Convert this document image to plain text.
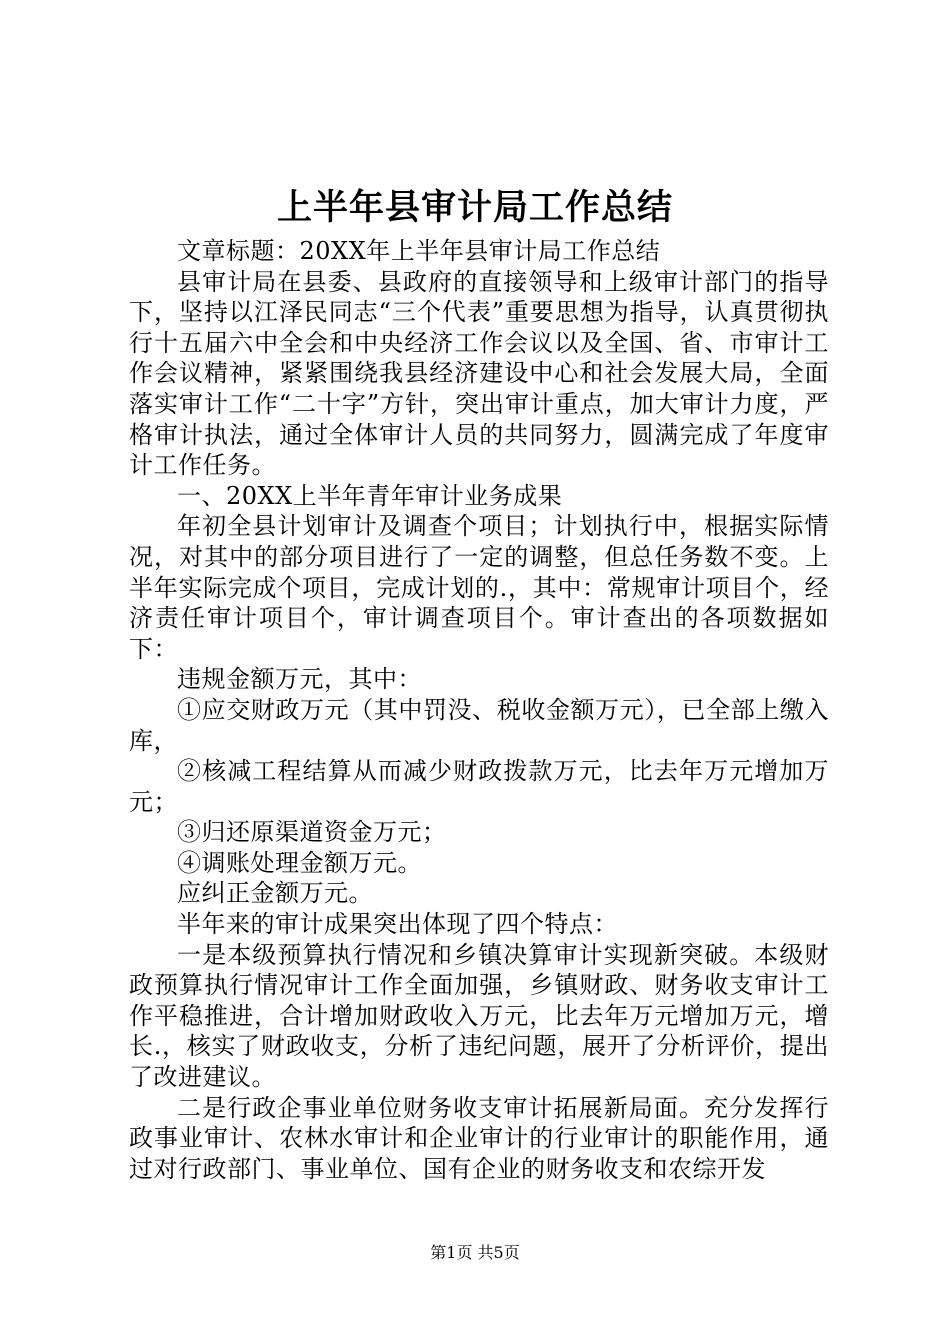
上半年县审计局工作总结

文章标题：20XX年上半年县审计局工作总结

县审计局在县委、县政府的直接领导和上级审计部门的指导下，坚持以江泽民同志“三个代表”重要思想为指导，认真贯彻执行十五届六中全会和中央经济工作会议以及全国、省、市审计工作会议精神，紧紧围绕我县经济建设中心和社会发展大局，全面落实审计工作“二十字”方针，突出审计重点，加大审计力度，严格审计执法，通过全体审计人员的共同努力，圆满完成了年度审计工作任务。

一、20XX上半年青年审计业务成果

年初全县计划审计及调查个项目；计划执行中，根据实际情况，对其中的部分项目进行了一定的调整，但总任务数不变。上半年实际完成个项目，完成计划的.，其中：常规审计项目个，经济责任审计项目个，审计调查项目个。审计查出的各项数据如下：

违规金额万元，其中：

①应交财政万元（其中罚没、税收金额万元），已全部上缴入库，

②核减工程结算从而减少财政拨款万元，比去年万元增加万元；

③归还原渠道资金万元；

④调账处理金额万元。

应纠正金额万元。

半年来的审计成果突出体现了四个特点：

一是本级预算执行情况和乡镇决算审计实现新突破。本级财政预算执行情况审计工作全面加强，乡镇财政、财务收支审计工作平稳推进，合计增加财政收入万元，比去年万元增加万元，增长.，核实了财政收支，分析了违纪问题，展开了分析评价，提出了改进建议。

二是行政企事业单位财务收支审计拓展新局面。充分发挥行政事业审计、农林水审计和企业审计的行业审计的职能作用，通过对行政部门、事业单位、国有企业的财务收支和农综开发

第1页 共5页
